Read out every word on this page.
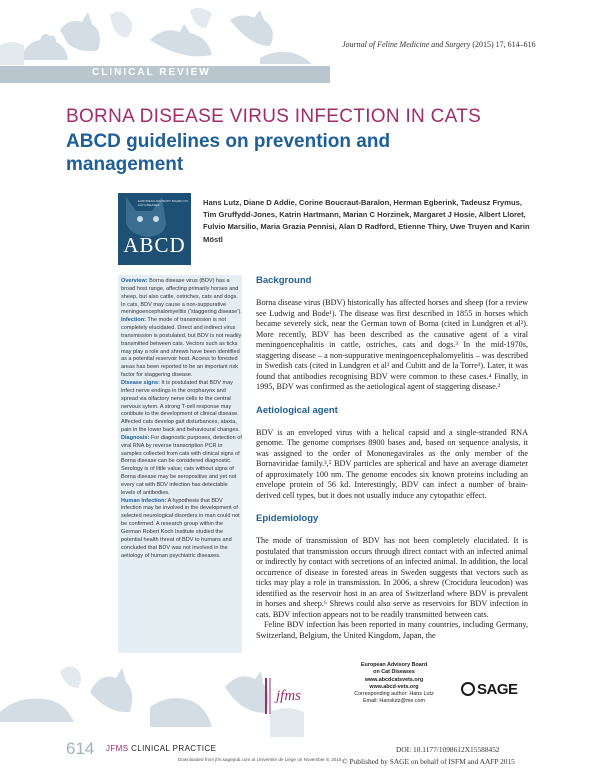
CLINICAL REVIEW
Journal of Feline Medicine and Surgery (2015) 17, 614–616
BORNA DISEASE VIRUS INFECTION IN CATS
ABCD guidelines on prevention and management
EUROPEAN ADVISORY BOARD ON CAT DISEASES
ABCD
Hans Lutz, Diane D Addie, Corine Boucraut-Baralon, Herman Egberink, Tadeusz Frymus, Tim Gruffydd-Jones, Katrin Hartmann, Marian C Horzinek, Margaret J Hosie, Albert Lloret, Fulvio Marsilio, Maria Grazia Pennisi, Alan D Radford, Etienne Thiry, Uwe Truyen and Karin Möstl

Overview: Borna disease virus (BDV) has a broad host range, affecting primarily horses and sheep, but also cattle, ostriches, cats and dogs. In cats, BDV may cause a non-suppurative meningoencephalomyelitis ('staggering disease').

Infection: The mode of transmission is not completely elucidated. Direct and indirect virus transmission is postulated, but BDV is not readily transmitted between cats. Vectors such as ticks may play a role and shrews have been identified as a potential reservoir host. Access to forested areas has been reported to be an important risk factor for staggering disease.

Disease signs: It is postulated that BDV may infect nerve endings in the oropharynx and spread via olfactory nerve cells to the central nervous sytem. A strong T-cell response may contibute to the development of clinical disease. Affected cats develop gait disturbances, ataxia, pain in the lower back and behavioural changes.

Diagnosis: For diagnostic purposes, detection of viral RNA by reverse transcription PCR in samples collected from cats with clinical signs of Borna disease can be considered diagnostic. Serology is of little value; cats without signs of Borna disease may be seropositive and yet not every cat with BDV infection has detectable levels of antibodies.

Human infection: A hypothesis that BDV infection may be involved in the development of selected neurological disorders in man could not be confirmed. A research group within the German Robert Koch Institute studied the potential health threat of BDV to humans and concluded that BDV was not involved in the aetiology of human psychiatric diseases.

Background

Borna disease virus (BDV) historically has affected horses and sheep (for a review see Ludwig and Bode¹). The disease was first described in 1855 in horses which became severely sick, near the German town of Borna (cited in Lundgren et al²). More recently, BDV has been described as the causative agent of a viral meningoencephalitis in cattle, ostriches, cats and dogs.³ In the mid-1970s, staggering disease – a non-suppurative meningoencephalomyelitis – was described in Swedish cats (cited in Lundgren et al² and Cubitt and de la Torre³). Later, it was found that antibodies recognising BDV were common to these cases.⁴ Finally, in 1995, BDV was confirmed as the aetiological agent of staggering disease.²

Aetiological agent

BDV is an enveloped virus with a helical capsid and a single-stranded RNA genome. The genome comprises 8900 bases and, based on sequence analysis, it was assigned to the order of Mononegavirales as the only member of the Bornaviridae family.³,⁵ BDV particles are spherical and have an average diameter of approximately 100 nm. The genome encodes six known proteins including an envelope protein of 56 kd. Interestingly, BDV can infect a number of brain-derived cell types, but it does not usually induce any cytopathic effect.

Epidemiology

The mode of transmission of BDV has not been completely elucidated. It is postulated that transmission occurs through direct contact with an infected animal or indirectly by contact with secretions of an infected animal. In addition, the local occurrence of disease in forested areas in Sweden suggests that vectors such as ticks may play a role in transmission. In 2006, a shrew (Crocidura leucodon) was identified as the reservoir host in an area of Switzerland where BDV is prevalent in horses and sheep.⁶ Shrews could also serve as reservoirs for BDV infection in cats. BDV infection appears not to be readily transmitted between cats.

Feline BDV infection has been reported in many countries, including Germany, Switzerland, Belgium, the United Kingdom, Japan, the

jfms
European Advisory Board
on Cat Diseases
www.abcdcatsvets.org
www.abcd-vets.org
Corresponding author: Hans Lutz
Email: Hanslutz@me.com
SAGE
614 JFMS CLINICAL PRACTICE
Downloaded from jfm.sagepub.com at Université de Liège on November 8, 2015
DOI: 10.1177/1098612X15588452
© Published by SAGE on behalf of ISFM and AAFP 2015
